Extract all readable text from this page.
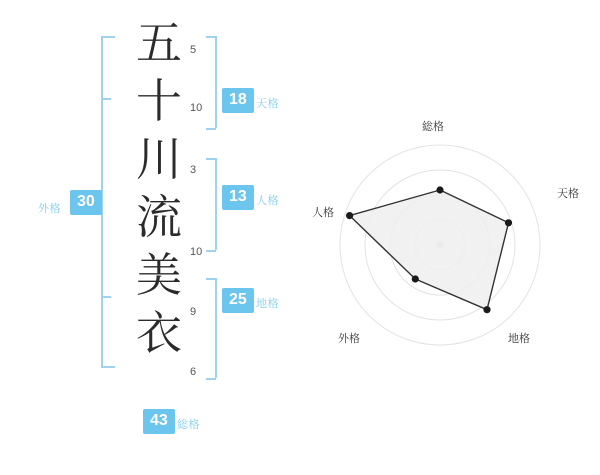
五
十
川
流
美
衣
5
10
3
10
9
6
外格	30
18 天格
13 人格
25 地格
43 総格
総格
天格
地格
外格
人格
